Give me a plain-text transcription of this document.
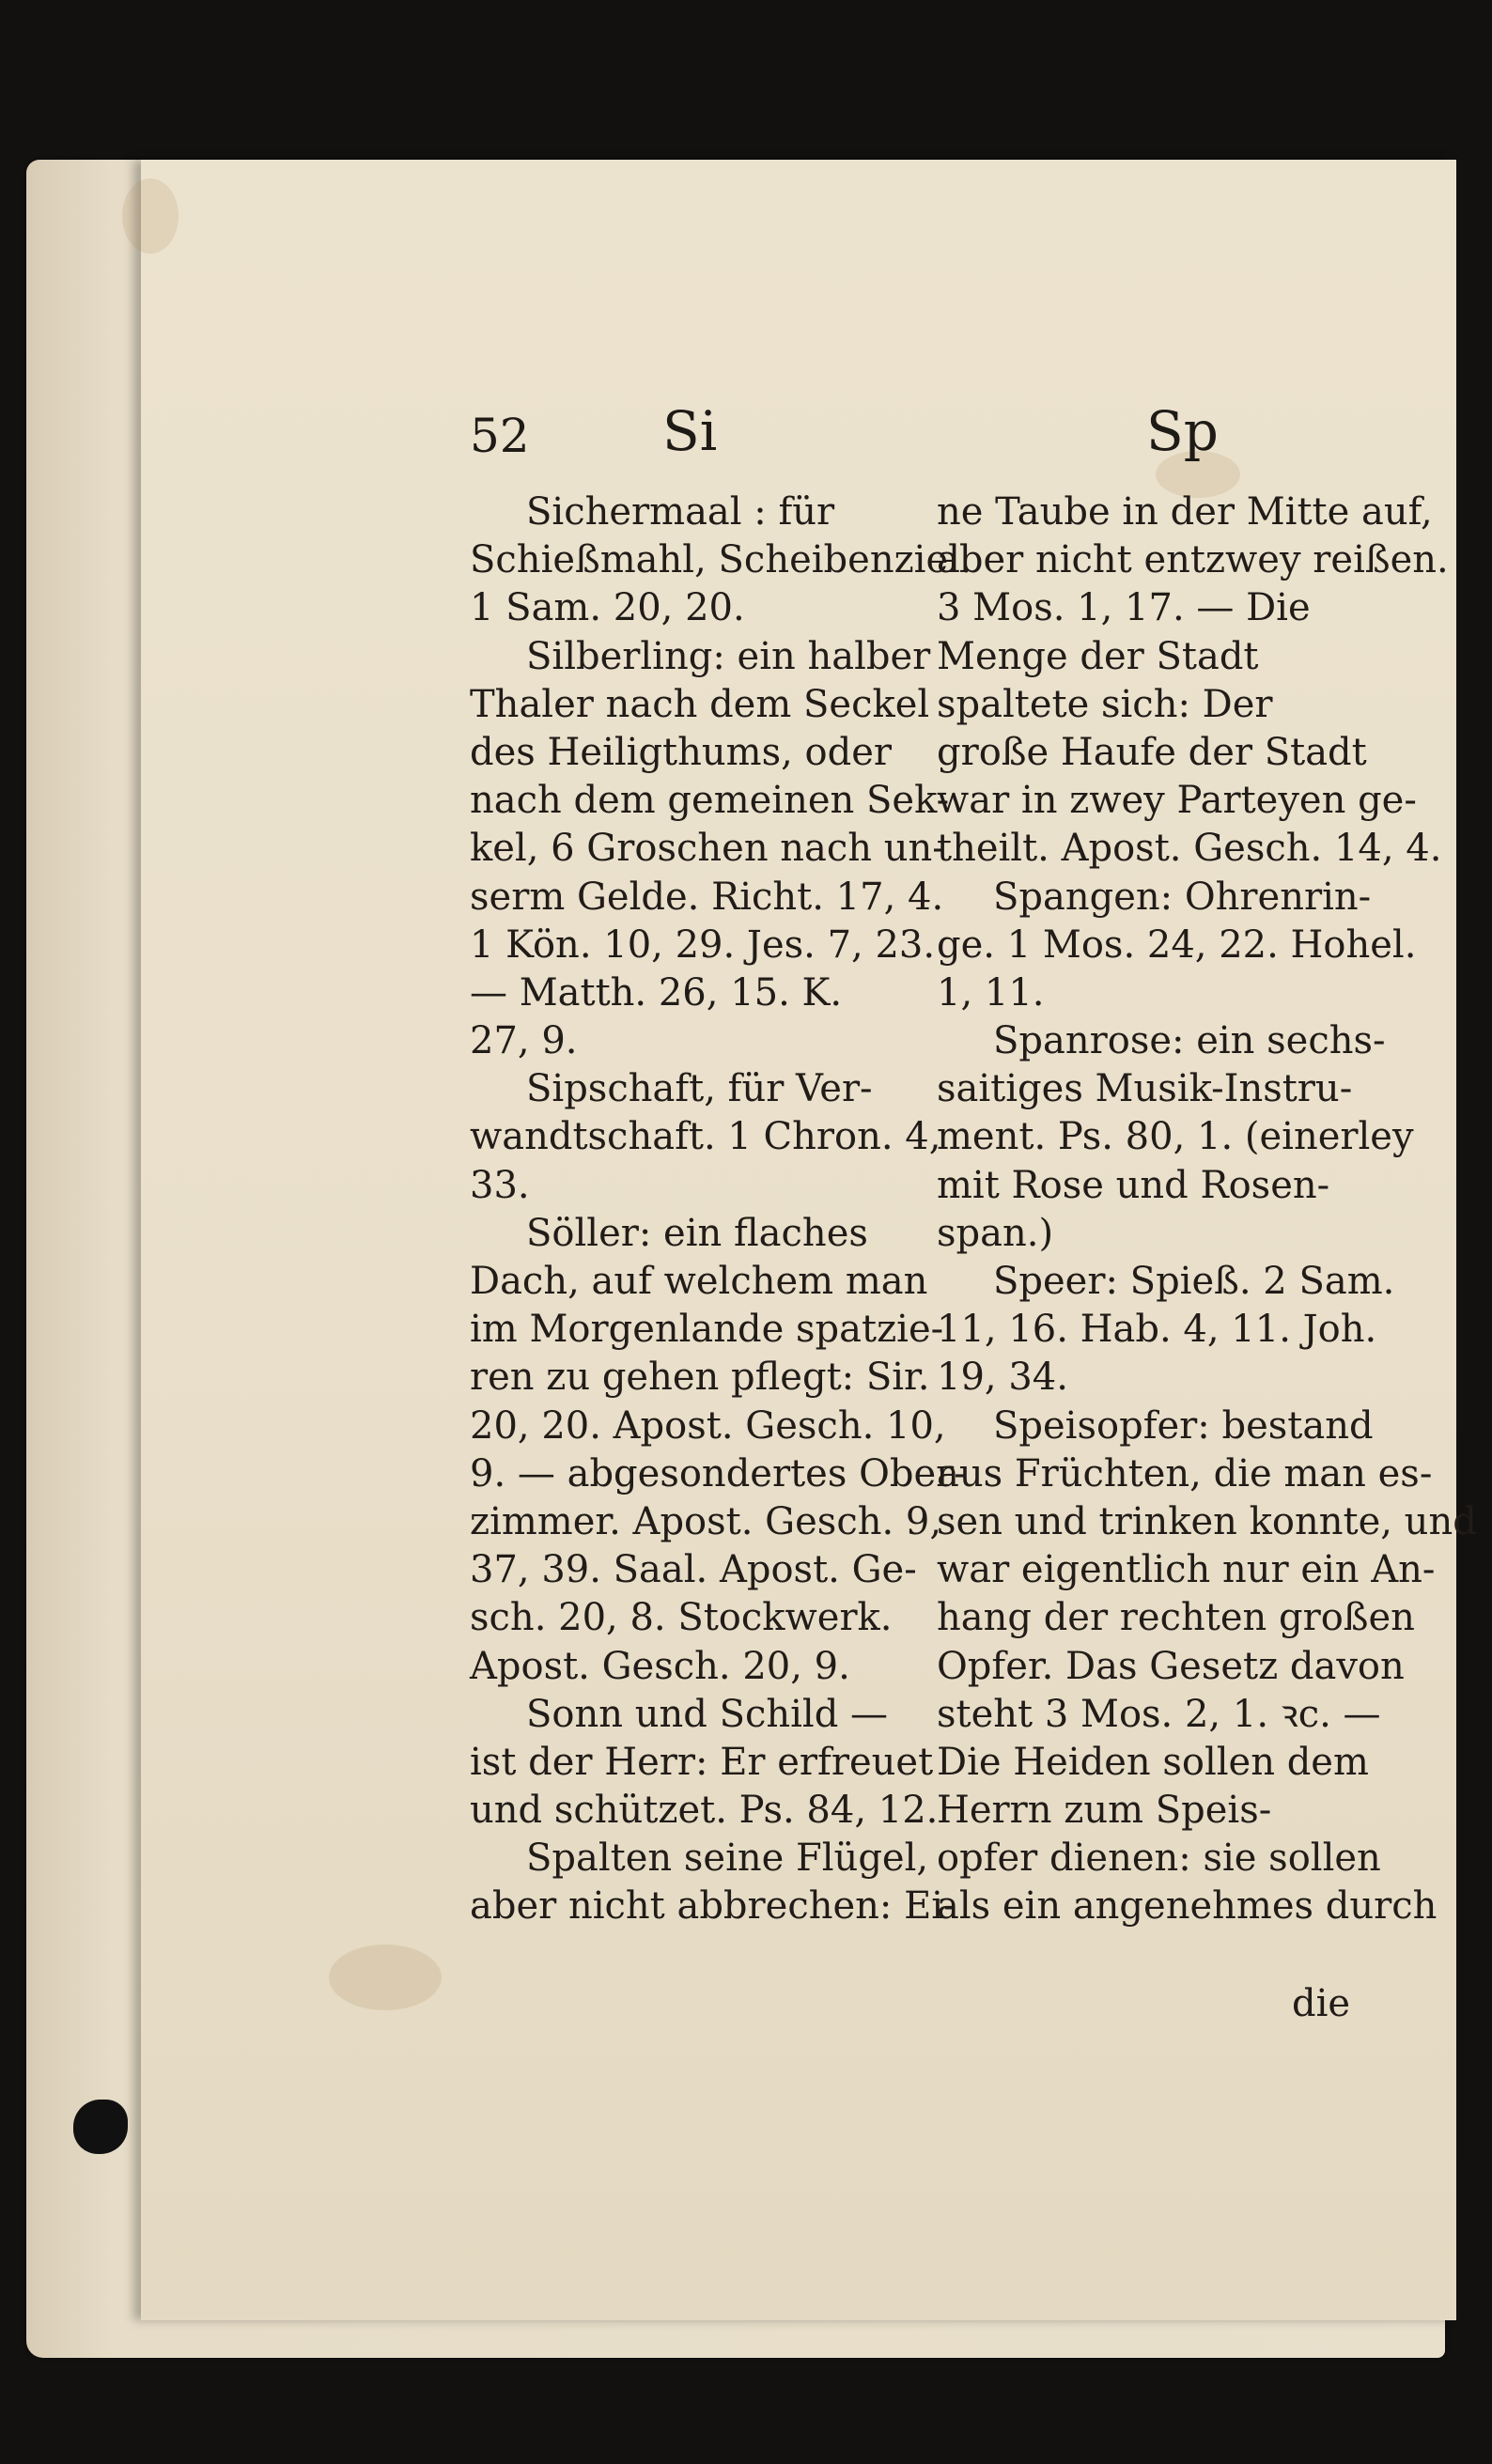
52 Si	Sp
Sichermaal : für
Schießmahl, Scheibenziel.
1 Sam. 20, 20.
Silberling: ein halber
Thaler nach dem Seckel
des Heiligthums, oder
nach dem gemeinen Sek-
kel, 6 Groschen nach un-
serm Gelde. Richt. 17, 4.
1 Kön. 10, 29. Jes. 7, 23.
— Matth. 26, 15. K.
27, 9.
Sipschaft, für Ver-
wandtschaft. 1 Chron. 4,
33.
Söller: ein flaches
Dach, auf welchem man
im Morgenlande spatzie-
ren zu gehen pflegt: Sir.
20, 20. Apost. Gesch. 10,
9. — abgesondertes Ober-
zimmer. Apost. Gesch. 9,
37, 39. Saal. Apost. Ge-
sch. 20, 8. Stockwerk.
Apost. Gesch. 20, 9.
Sonn und Schild —
ist der Herr: Er erfreuet
und schützet. Ps. 84, 12.
Spalten seine Flügel,
aber nicht abbrechen: Ei-
ne Taube in der Mitte auf,
aber nicht entzwey reißen.
3 Mos. 1, 17. — Die
Menge der Stadt
spaltete sich: Der
große Haufe der Stadt
war in zwey Parteyen ge-
theilt. Apost. Gesch. 14, 4.
Spangen: Ohrenrin-
ge. 1 Mos. 24, 22. Hohel.
1, 11.
Spanrose: ein sechs-
saitiges Musik-Instru-
ment. Ps. 80, 1. (einerley
mit Rose und Rosen-
span.)
Speer: Spieß. 2 Sam.
11, 16. Hab. 4, 11. Joh.
19, 34.
Speisopfer: bestand
aus Früchten, die man es-
sen und trinken konnte, und
war eigentlich nur ein An-
hang der rechten großen
Opfer. Das Gesetz davon
steht 3 Mos. 2, 1. ꝛc. —
Die Heiden sollen dem
Herrn zum Speis-
opfer dienen: sie sollen
als ein angenehmes durch
die
